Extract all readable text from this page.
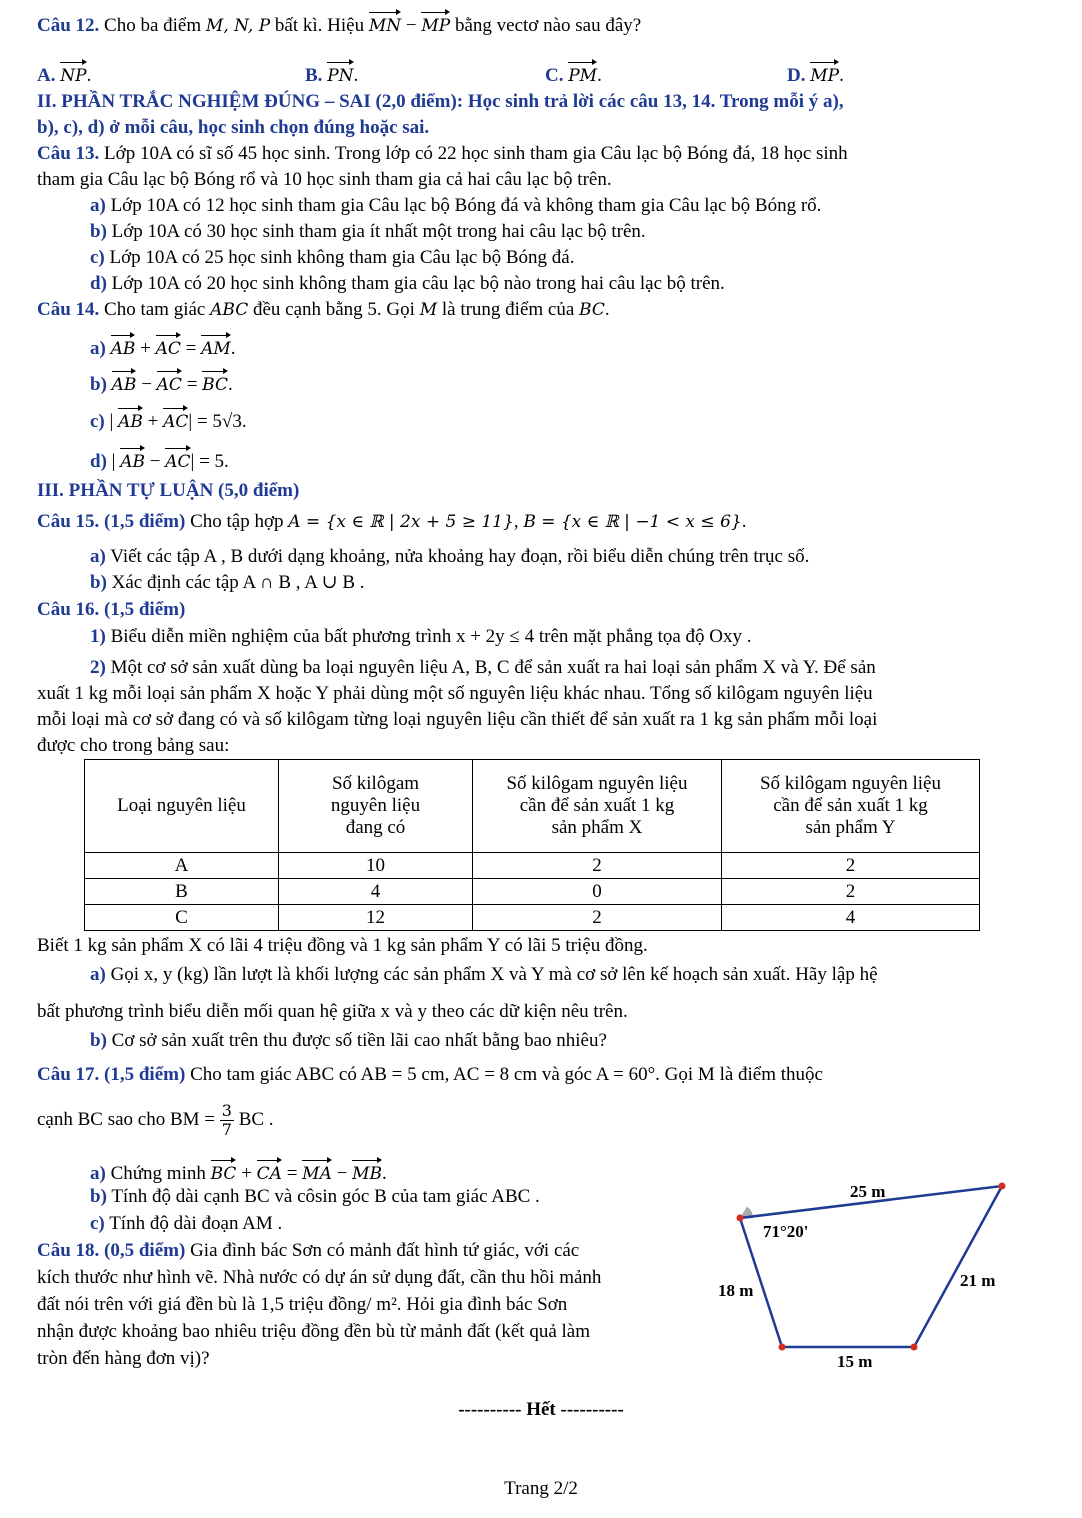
Câu 12. Cho ba điểm M, N, P bất kì. Hiệu MN − MP bằng vectơ nào sau đây?
A. NP.	B. PN.	C. PM.	D. MP.
II. PHẦN TRẮC NGHIỆM ĐÚNG – SAI (2,0 điểm): Học sinh trả lời các câu 13, 14. Trong mỗi ý a),
b), c), d) ở mỗi câu, học sinh chọn đúng hoặc sai.
Câu 13. Lớp 10A có sĩ số 45 học sinh. Trong lớp có 22 học sinh tham gia Câu lạc bộ Bóng đá, 18 học sinh
tham gia Câu lạc bộ Bóng rổ và 10 học sinh tham gia cả hai câu lạc bộ trên.
a) Lớp 10A có 12 học sinh tham gia Câu lạc bộ Bóng đá và không tham gia Câu lạc bộ Bóng rổ.
b) Lớp 10A có 30 học sinh tham gia ít nhất một trong hai câu lạc bộ trên.
c) Lớp 10A có 25 học sinh không tham gia Câu lạc bộ Bóng đá.
d) Lớp 10A có 20 học sinh không tham gia câu lạc bộ nào trong hai câu lạc bộ trên.
Câu 14. Cho tam giác ABC đều cạnh bằng 5. Gọi M là trung điểm của BC.
a) AB + AC = AM.
b) AB − AC = BC.
c) | AB + AC| = 5√3.
d) | AB − AC| = 5.
III. PHẦN TỰ LUẬN (5,0 điểm)
Câu 15. (1,5 điểm) Cho tập hợp A = {x ∈ ℝ | 2x + 5 ≥ 11}, B = {x ∈ ℝ | −1 < x ≤ 6}.
a) Viết các tập A , B dưới dạng khoảng, nửa khoảng hay đoạn, rồi biểu diễn chúng trên trục số.
b) Xác định các tập A ∩ B , A ∪ B .
Câu 16. (1,5 điểm)
1) Biểu diễn miền nghiệm của bất phương trình x + 2y ≤ 4 trên mặt phẳng tọa độ Oxy .
2) Một cơ sở sản xuất dùng ba loại nguyên liệu A, B, C để sản xuất ra hai loại sản phẩm X và Y. Để sản
xuất 1 kg mỗi loại sản phẩm X hoặc Y phải dùng một số nguyên liệu khác nhau. Tổng số kilôgam nguyên liệu
mỗi loại mà cơ sở đang có và số kilôgam từng loại nguyên liệu cần thiết để sản xuất ra 1 kg sản phẩm mỗi loại
được cho trong bảng sau:
Loại nguyên liệu	Số kilôgam
nguyên liệu
đang có	Số kilôgam nguyên liệu
cần để sản xuất 1 kg
sản phẩm X	Số kilôgam nguyên liệu
cần để sản xuất 1 kg
sản phẩm Y
A	10	2	2
B	4	0	2
C	12	2	4
Biết 1 kg sản phẩm X có lãi 4 triệu đồng và 1 kg sản phẩm Y có lãi 5 triệu đồng.
a) Gọi x, y (kg) lần lượt là khối lượng các sản phẩm X và Y mà cơ sở lên kế hoạch sản xuất. Hãy lập hệ
bất phương trình biểu diễn mối quan hệ giữa x và y theo các dữ kiện nêu trên.
b) Cơ sở sản xuất trên thu được số tiền lãi cao nhất bằng bao nhiêu?
Câu 17. (1,5 điểm) Cho tam giác ABC có AB = 5 cm, AC = 8 cm và góc A = 60°. Gọi M là điểm thuộc
cạnh BC sao cho BM = $\frac{3}{7}$ BC .
a) Chứng minh BC + CA = MA − MB.
b) Tính độ dài cạnh BC và côsin góc B của tam giác ABC .
c) Tính độ dài đoạn AM .
Câu 18. (0,5 điểm) Gia đình bác Sơn có mảnh đất hình tứ giác, với các
kích thước như hình vẽ. Nhà nước có dự án sử dụng đất, cần thu hồi mảnh
đất nói trên với giá đền bù là 1,5 triệu đồng/ m². Hỏi gia đình bác Sơn
nhận được khoảng bao nhiêu triệu đồng đền bù từ mảnh đất (kết quả làm
tròn đến hàng đơn vị)?
25 m
71°20'
18 m
21 m
15 m
---------- Hết ----------
Trang 2/2
